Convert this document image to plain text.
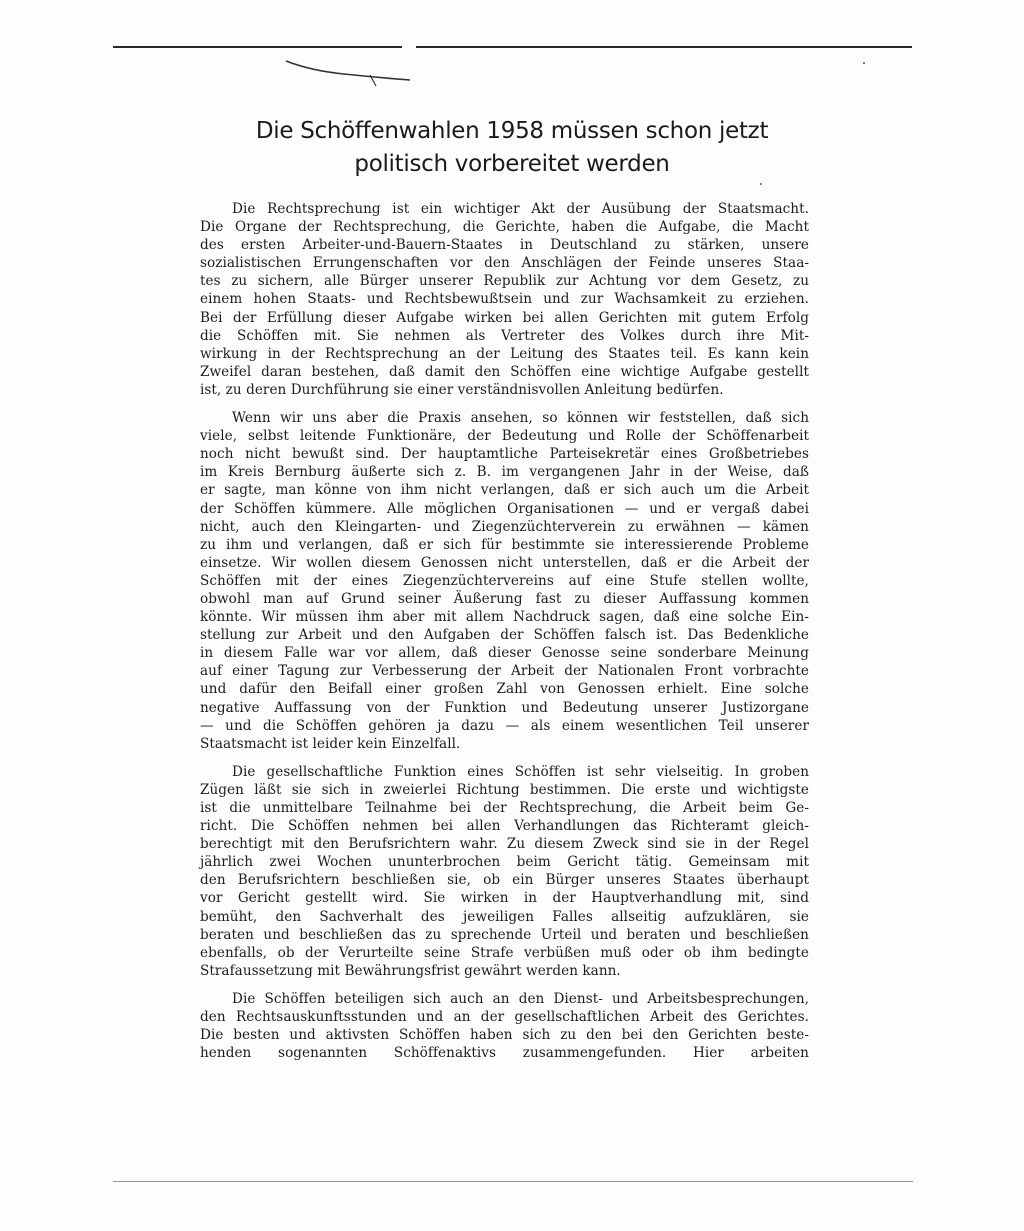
Die Schöffenwahlen 1958 müssen schon jetzt
politisch vorbereitet werden
Die Rechtsprechung ist ein wichtiger Akt der Ausübung der Staatsmacht.
Die Organe der Rechtsprechung, die Gerichte, haben die Aufgabe, die Macht
des ersten Arbeiter-und-Bauern-Staates in Deutschland zu stärken, unsere
sozialistischen Errungenschaften vor den Anschlägen der Feinde unseres Staa-
tes zu sichern, alle Bürger unserer Republik zur Achtung vor dem Gesetz, zu
einem hohen Staats- und Rechtsbewußtsein und zur Wachsamkeit zu erziehen.
Bei der Erfüllung dieser Aufgabe wirken bei allen Gerichten mit gutem Erfolg
die Schöffen mit. Sie nehmen als Vertreter des Volkes durch ihre Mit-
wirkung in der Rechtsprechung an der Leitung des Staates teil. Es kann kein
Zweifel daran bestehen, daß damit den Schöffen eine wichtige Aufgabe gestellt
ist, zu deren Durchführung sie einer verständnisvollen Anleitung bedürfen.
Wenn wir uns aber die Praxis ansehen, so können wir feststellen, daß sich
viele, selbst leitende Funktionäre, der Bedeutung und Rolle der Schöffenarbeit
noch nicht bewußt sind. Der hauptamtliche Parteisekretär eines Großbetriebes
im Kreis Bernburg äußerte sich z. B. im vergangenen Jahr in der Weise, daß
er sagte, man könne von ihm nicht verlangen, daß er sich auch um die Arbeit
der Schöffen kümmere. Alle möglichen Organisationen — und er vergaß dabei
nicht, auch den Kleingarten- und Ziegenzüchterverein zu erwähnen — kämen
zu ihm und verlangen, daß er sich für bestimmte sie interessierende Probleme
einsetze. Wir wollen diesem Genossen nicht unterstellen, daß er die Arbeit der
Schöffen mit der eines Ziegenzüchtervereins auf eine Stufe stellen wollte,
obwohl man auf Grund seiner Äußerung fast zu dieser Auffassung kommen
könnte. Wir müssen ihm aber mit allem Nachdruck sagen, daß eine solche Ein-
stellung zur Arbeit und den Aufgaben der Schöffen falsch ist. Das Bedenkliche
in diesem Falle war vor allem, daß dieser Genosse seine sonderbare Meinung
auf einer Tagung zur Verbesserung der Arbeit der Nationalen Front vorbrachte
und dafür den Beifall einer großen Zahl von Genossen erhielt. Eine solche
negative Auffassung von der Funktion und Bedeutung unserer Justizorgane
— und die Schöffen gehören ja dazu — als einem wesentlichen Teil unserer
Staatsmacht ist leider kein Einzelfall.
Die gesellschaftliche Funktion eines Schöffen ist sehr vielseitig. In groben
Zügen läßt sie sich in zweierlei Richtung bestimmen. Die erste und wichtigste
ist die unmittelbare Teilnahme bei der Rechtsprechung, die Arbeit beim Ge-
richt. Die Schöffen nehmen bei allen Verhandlungen das Richteramt gleich-
berechtigt mit den Berufsrichtern wahr. Zu diesem Zweck sind sie in der Regel
jährlich zwei Wochen ununterbrochen beim Gericht tätig. Gemeinsam mit
den Berufsrichtern beschließen sie, ob ein Bürger unseres Staates überhaupt
vor Gericht gestellt wird. Sie wirken in der Hauptverhandlung mit, sind
bemüht, den Sachverhalt des jeweiligen Falles allseitig aufzuklären, sie
beraten und beschließen das zu sprechende Urteil und beraten und beschließen
ebenfalls, ob der Verurteilte seine Strafe verbüßen muß oder ob ihm bedingte
Strafaussetzung mit Bewährungsfrist gewährt werden kann.
Die Schöffen beteiligen sich auch an den Dienst- und Arbeitsbesprechungen,
den Rechtsauskunftsstunden und an der gesellschaftlichen Arbeit des Gerichtes.
Die besten und aktivsten Schöffen haben sich zu den bei den Gerichten beste-
henden sogenannten Schöffenaktivs zusammengefunden. Hier arbeiten
